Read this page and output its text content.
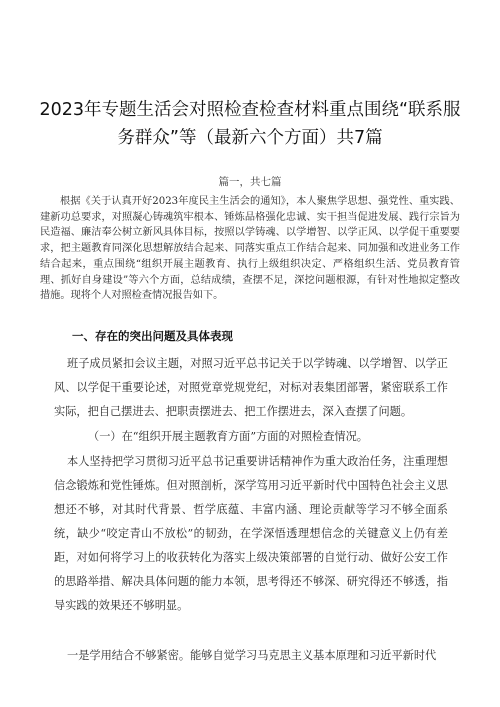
2023年专题生活会对照检查检查材料重点围绕“联系服
务群众”等（最新六个方面）共7篇
篇一，共七篇

根据《关于认真开好2023年度民主生活会的通知》，本人聚焦学思想、强党性、重实践、建新功总要求，对照凝心铸魂筑牢根本、锤炼品格强化忠诚、实干担当促进发展、践行宗旨为民造福、廉洁奉公树立新风具体目标，按照以学铸魂、以学增智、以学正风、以学促干重要要求，把主题教育同深化思想解放结合起来、同落实重点工作结合起来、同加强和改进业务工作结合起来，重点围绕“组织开展主题教育、执行上级组织决定、严格组织生活、党员教育管理、抓好自身建设”等六个方面，总结成绩，查摆不足，深挖问题根源，有针对性地拟定整改措施。现将个人对照检查情况报告如下。

一、存在的突出问题及具体表现

班子成员紧扣会议主题，对照习近平总书记关于以学铸魂、以学增智、以学正风、以学促干重要论述，对照党章党规党纪，对标对表集团部署，紧密联系工作实际，把自己摆进去、把职责摆进去、把工作摆进去，深入查摆了问题。

（一）在“组织开展主题教育方面”方面的对照检查情况。

本人坚持把学习贯彻习近平总书记重要讲话精神作为重大政治任务，注重理想信念锻炼和党性锤炼。但对照剖析，深学笃用习近平新时代中国特色社会主义思想还不够，对其时代背景、哲学底蕴、丰富内涵、理论贡献等学习不够全面系统，缺少“咬定青山不放松”的韧劲，在学深悟透理想信念的关键意义上仍有差距，对如何将学习上的收获转化为落实上级决策部署的自觉行动、做好公安工作的思路举措、解决具体问题的能力本领，思考得还不够深、研究得还不够透，指导实践的效果还不够明显。

一是学用结合不够紧密。能够自觉学习马克思主义基本原理和习近平新时代
